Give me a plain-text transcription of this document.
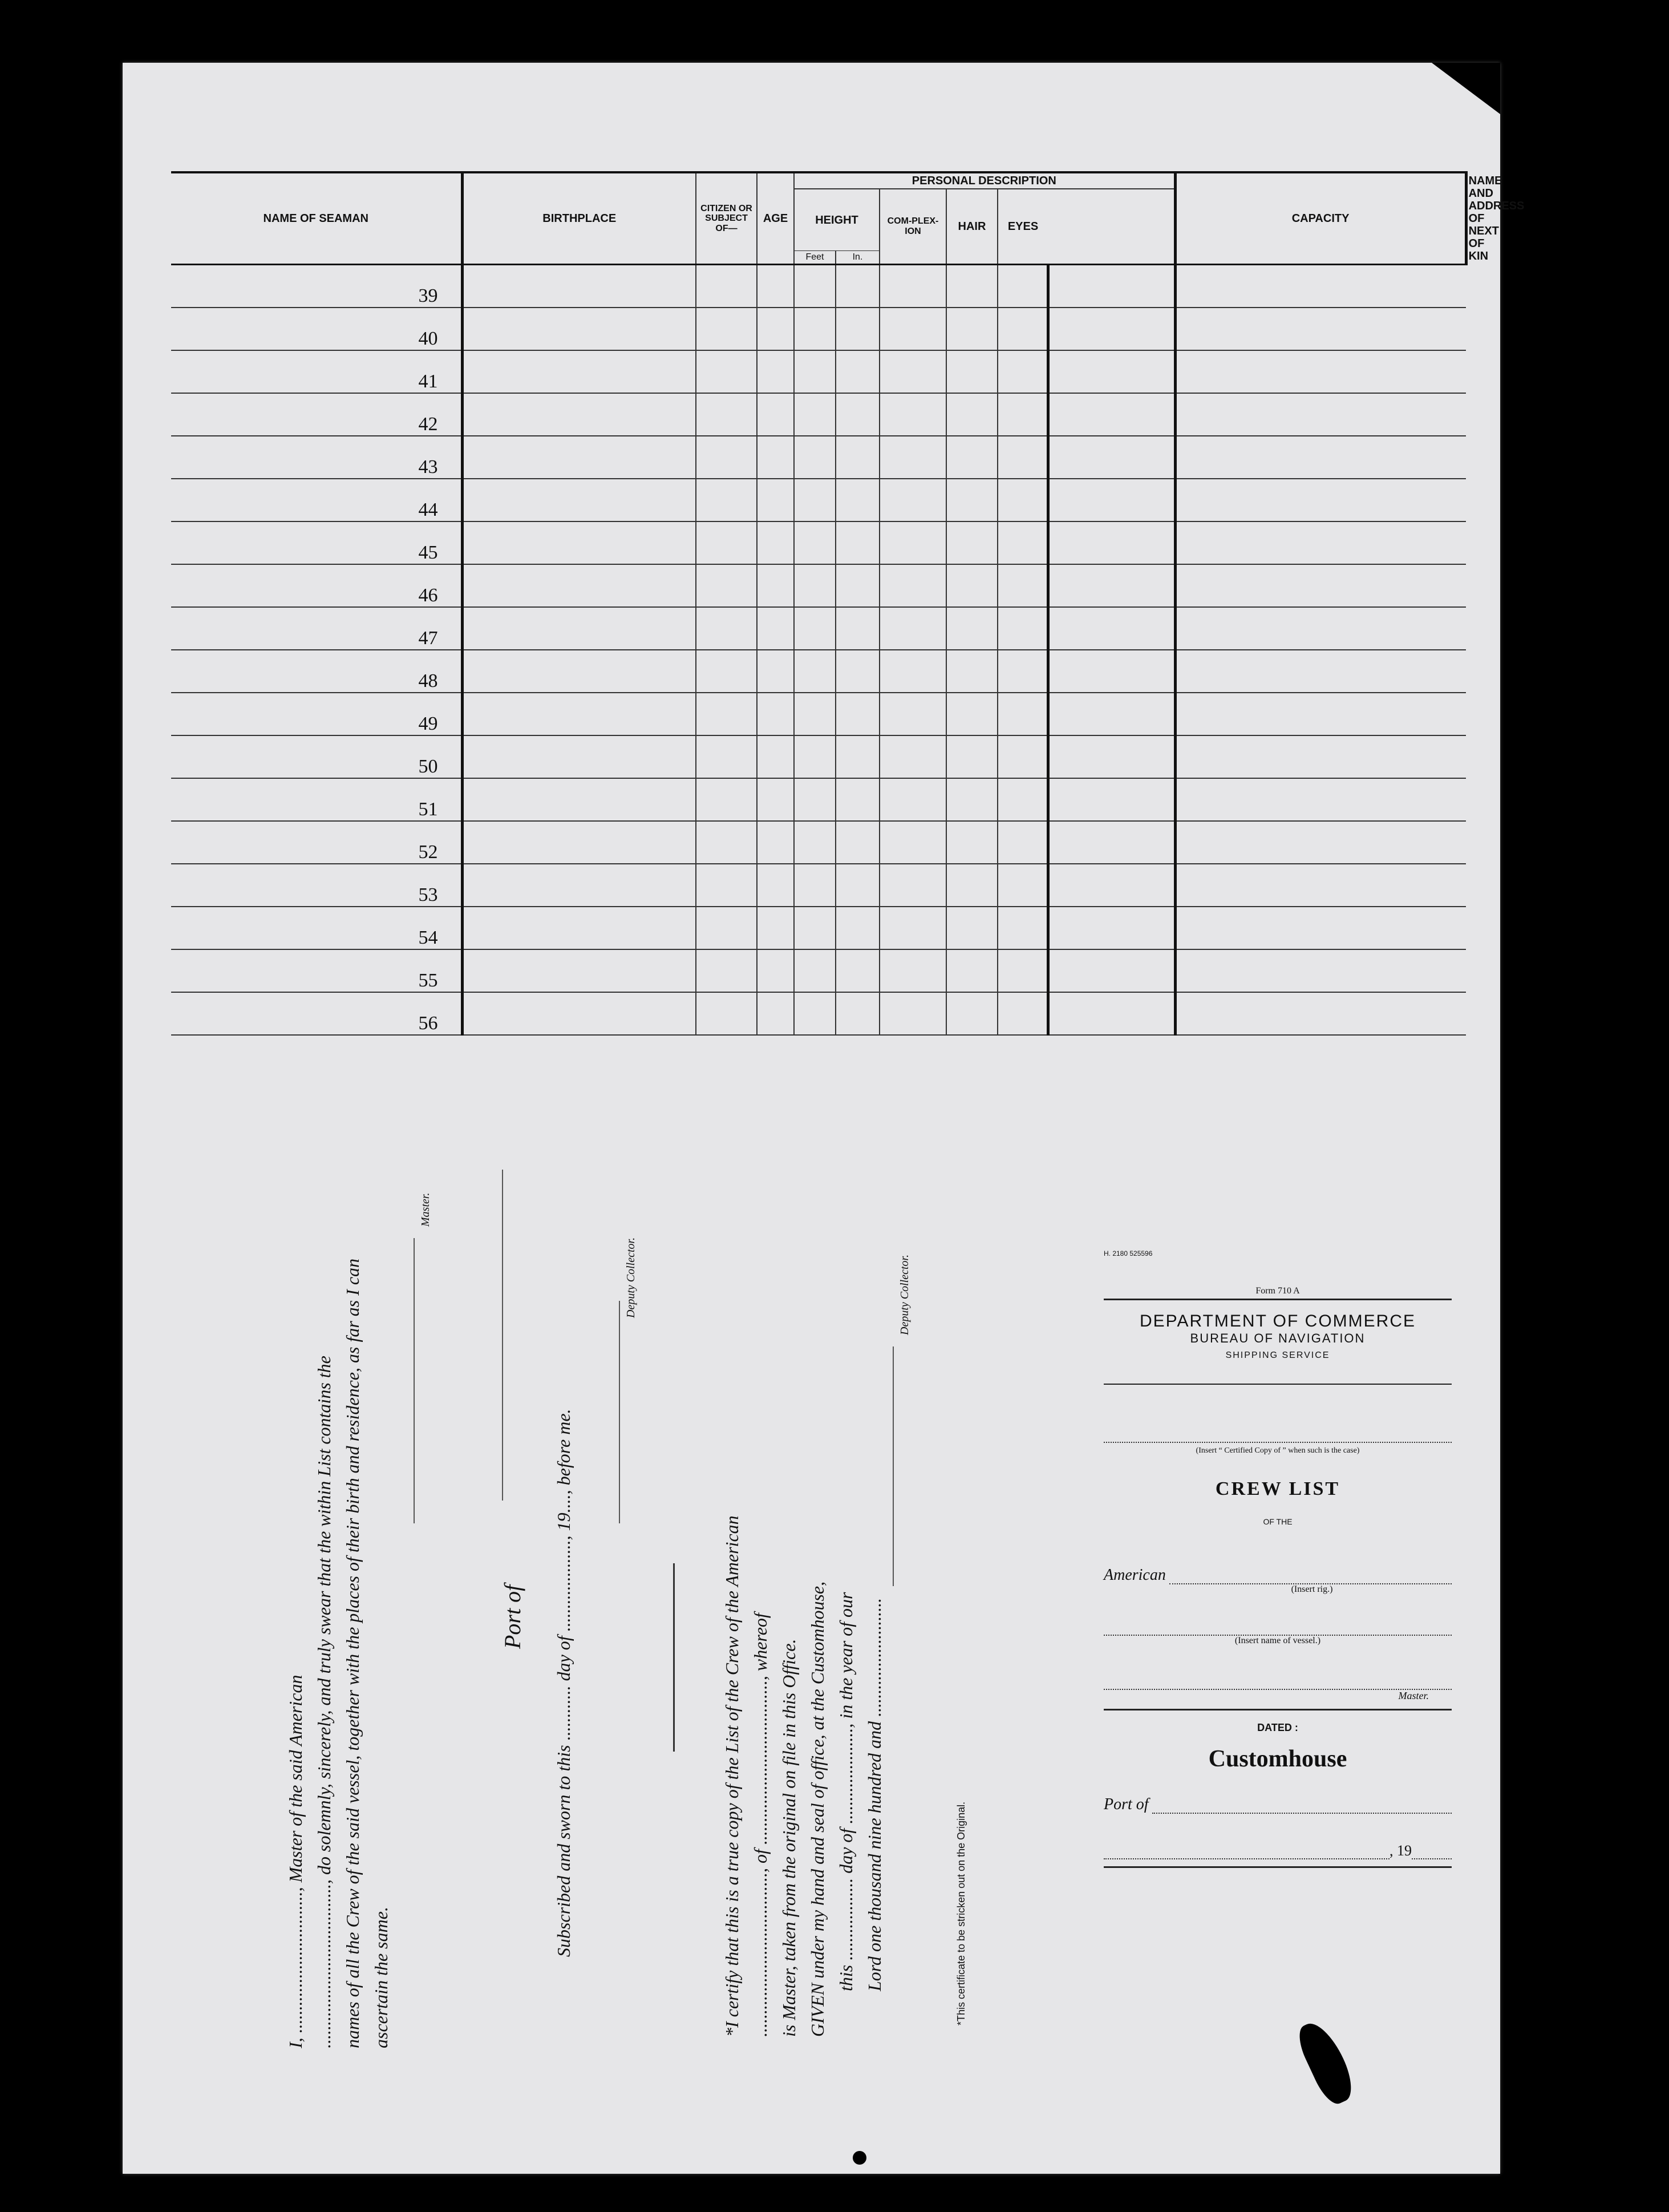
NAME OF SEAMAN	BIRTHPLACE	CITIZEN OR SUBJECT OF—	AGE	PERSONAL DESCRIPTION						CAPACITY	NAME AND ADDRESS OF NEXT OF KIN
				HEIGHT		COM-PLEX-ION	HAIR	EYES		
				Feet	In.						
39											
40											
41											
42											
43											
44											
45											
46											
47											
48											
49											
50											
51											
52											
53											
54											
55											
56											
I, ..............................., Master of the said American ...................................., do solemnly, sincerely, and truly swear that the within List contains the names of all the Crew of the said vessel, together with the places of their birth and residence, as far as I can ascertain the same.
Master.
Port of Subscribed and sworn to this ............ day of ...................., 19...., before me.
Deputy Collector.
*I certify that this is a true copy of the List of the Crew of the American ...................................., of ...................................., whereof is Master, taken from the original on file in this Office. GIVEN under my hand and seal of office, at the Customhouse, this .................. day of ....................., in the year of our Lord one thousand nine hundred and ..........................
Deputy Collector.
*This certificate to be stricken out on the Original.
H. 2180 525596
Form 710 A
DEPARTMENT OF COMMERCE
BUREAU OF NAVIGATION
SHIPPING SERVICE
(Insert “ Certified Copy of ” when such is the case)
CREW LIST
OF THE
American
(Insert rig.)
(Insert name of vessel.)
Master.
DATED :
Customhouse
Port of
, 19
